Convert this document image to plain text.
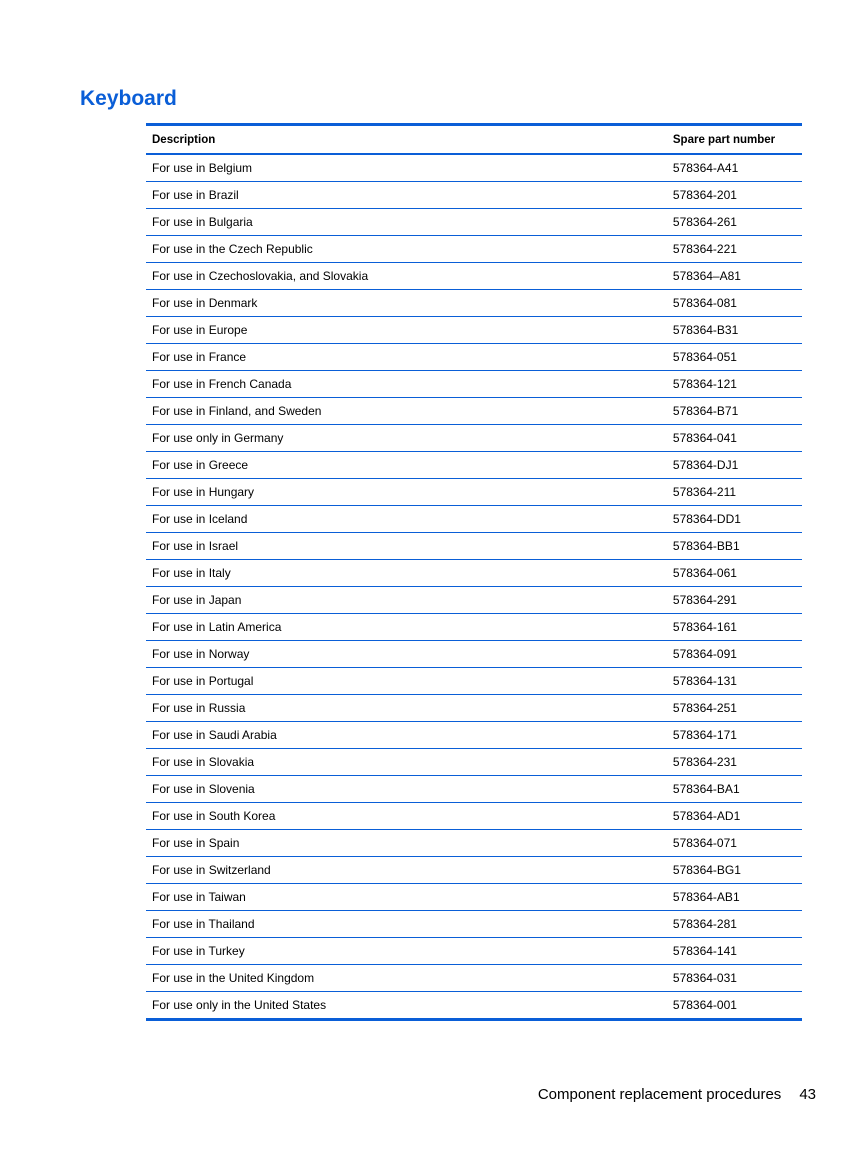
Keyboard
Description	Spare part number
For use in Belgium	578364-A41
For use in Brazil	578364-201
For use in Bulgaria	578364-261
For use in the Czech Republic	578364-221
For use in Czechoslovakia, and Slovakia	578364–A81
For use in Denmark	578364-081
For use in Europe	578364-B31
For use in France	578364-051
For use in French Canada	578364-121
For use in Finland, and Sweden	578364-B71
For use only in Germany	578364-041
For use in Greece	578364-DJ1
For use in Hungary	578364-211
For use in Iceland	578364-DD1
For use in Israel	578364-BB1
For use in Italy	578364-061
For use in Japan	578364-291
For use in Latin America	578364-161
For use in Norway	578364-091
For use in Portugal	578364-131
For use in Russia	578364-251
For use in Saudi Arabia	578364-171
For use in Slovakia	578364-231
For use in Slovenia	578364-BA1
For use in South Korea	578364-AD1
For use in Spain	578364-071
For use in Switzerland	578364-BG1
For use in Taiwan	578364-AB1
For use in Thailand	578364-281
For use in Turkey	578364-141
For use in the United Kingdom	578364-031
For use only in the United States	578364-001
Component replacement procedures 43
